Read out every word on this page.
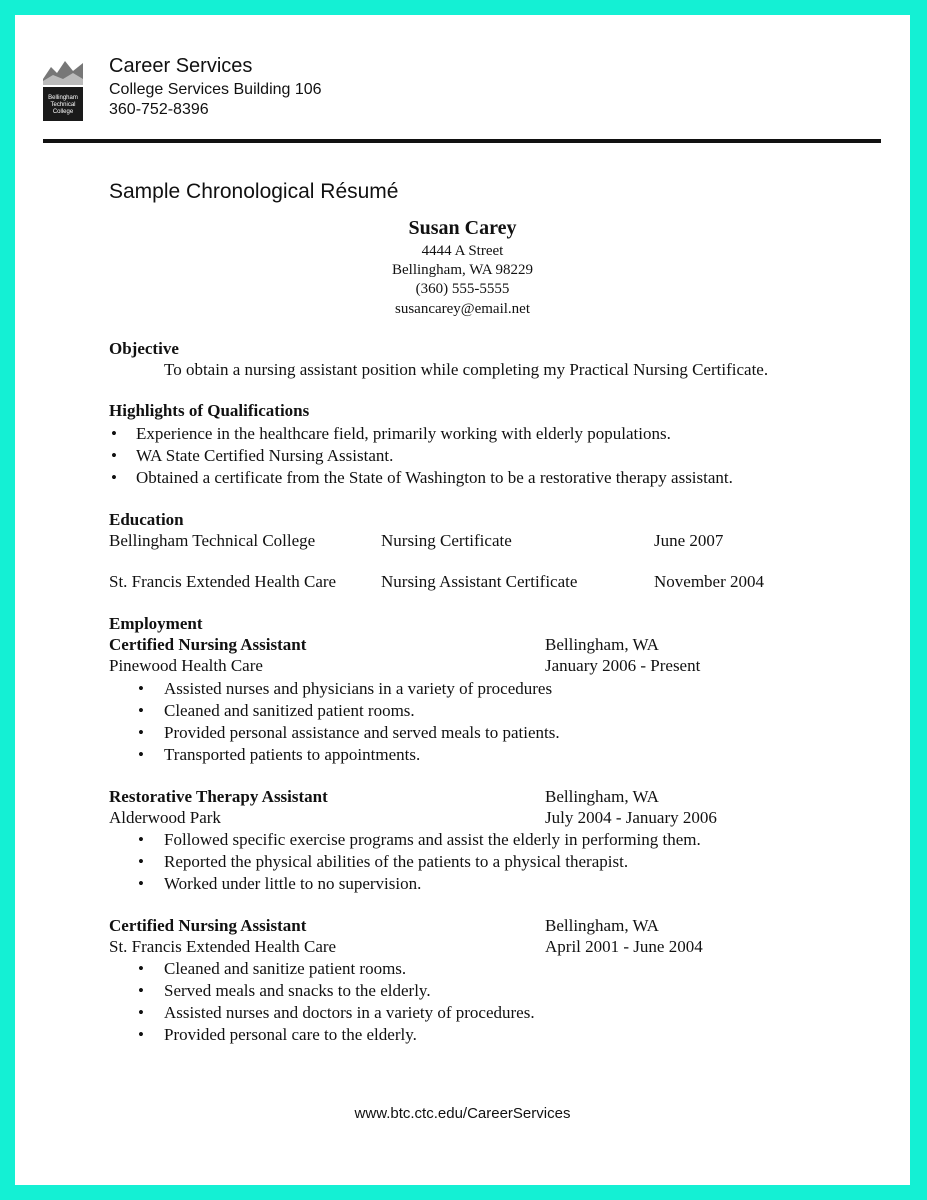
Bellingham Technical College
Career Services
College Services Building 106
360-752-8396
Sample Chronological Résumé
Susan Carey
4444 A Street
Bellingham, WA 98229
(360) 555-5555
susancarey@email.net
Objective
To obtain a nursing assistant position while completing my Practical Nursing Certificate.
Highlights of Qualifications
• Experience in the healthcare field, primarily working with elderly populations.
• WA State Certified Nursing Assistant.
• Obtained a certificate from the State of Washington to be a restorative therapy assistant.
Education
Bellingham Technical College	Nursing Certificate	June 2007
St. Francis Extended Health Care	Nursing Assistant Certificate	November 2004
Employment
Certified Nursing Assistant	Bellingham, WA
Pinewood Health Care	January 2006 - Present
• Assisted nurses and physicians in a variety of procedures
• Cleaned and sanitized patient rooms.
• Provided personal assistance and served meals to patients.
• Transported patients to appointments.
Restorative Therapy Assistant	Bellingham, WA
Alderwood Park	July 2004 - January 2006
• Followed specific exercise programs and assist the elderly in performing them.
• Reported the physical abilities of the patients to a physical therapist.
• Worked under little to no supervision.
Certified Nursing Assistant	Bellingham, WA
St. Francis Extended Health Care	April 2001 - June 2004
• Cleaned and sanitize patient rooms.
• Served meals and snacks to the elderly.
• Assisted nurses and doctors in a variety of procedures.
• Provided personal care to the elderly.
www.btc.ctc.edu/CareerServices
